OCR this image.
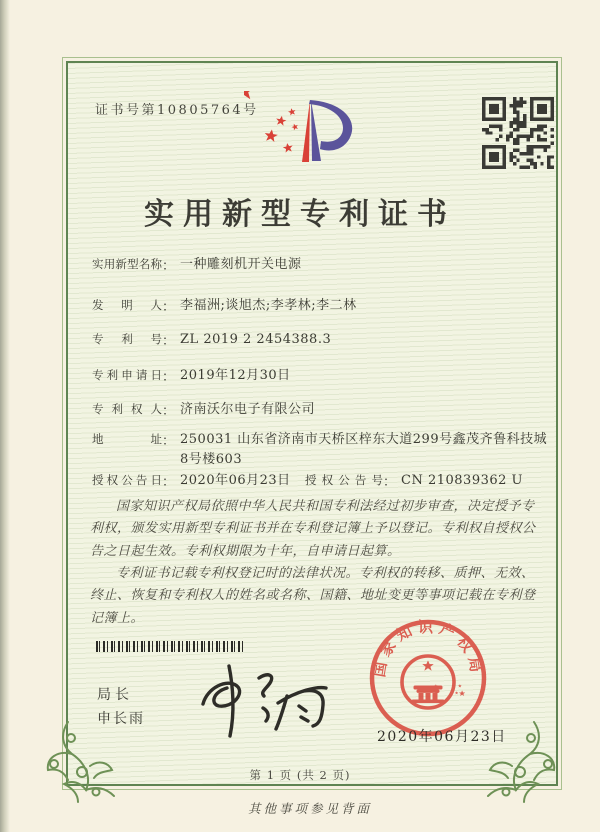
证书号第10805764号
实用新型专利证书
实用新型名称： 一种雕刻机开关电源
发明人： 李福洲;谈旭杰;李孝林;李二林
专利号： ZL 2019 2 2454388.3
专利申请日： 2019年12月30日
专利权人： 济南沃尔电子有限公司
地址： 250031 山东省济南市天桥区梓东大道299号鑫茂齐鲁科技城8号楼603
授权公告日： 2020年06月23日 授权公告号： CN 210839362 U

国家知识产权局依照中华人民共和国专利法经过初步审查，决定授予专利权，颁发实用新型专利证书并在专利登记簿上予以登记。专利权自授权公告之日起生效。专利权期限为十年，自申请日起算。

专利证书记载专利权登记时的法律状况。专利权的转移、质押、无效、终止、恢复和专利权人的姓名或名称、国籍、地址变更等事项记载在专利登记簿上。

局长
申长雨
国家知识产权局
2020年06月23日
第 1 页 (共 2 页)
其他事项参见背面
